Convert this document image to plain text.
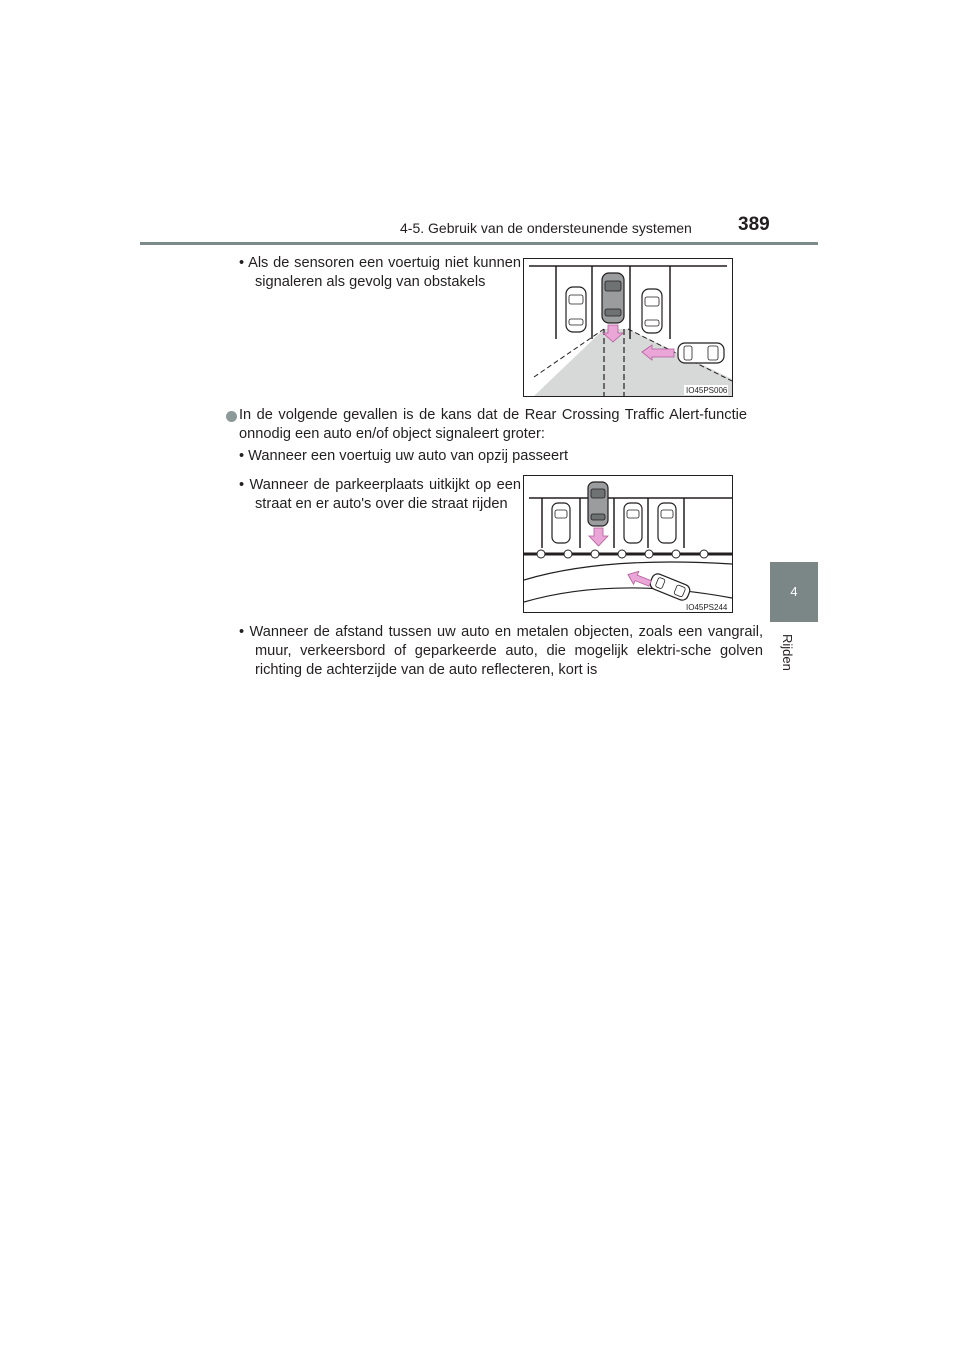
4-5. Gebruik van de ondersteunende systemen 389
4
Rijden
• Als de sensoren een voertuig niet kunnen signaleren als gevolg van obstakels
IO45PS006
In de volgende gevallen is de kans dat de Rear Crossing Traffic Alert-functie onnodig een auto en/of object signaleert groter:
• Wanneer een voertuig uw auto van opzij passeert
• Wanneer de parkeerplaats uitkijkt op een straat en er auto's over die straat rijden
IO45PS244
• Wanneer de afstand tussen uw auto en metalen objecten, zoals een vangrail, muur, verkeersbord of geparkeerde auto, die mogelijk elektri-sche golven richting de achterzijde van de auto reflecteren, kort is
